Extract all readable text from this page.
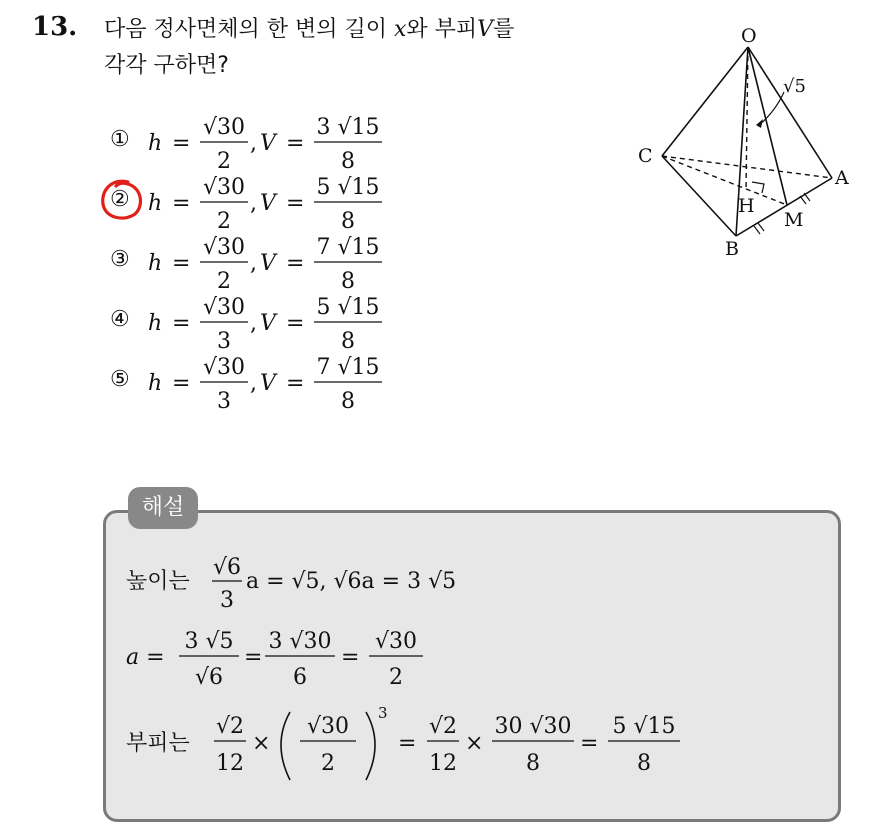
13. 다음 정사면체의 한 변의 길이 x와 부피V를
각각 구하면?
O
C
A
B
H
M
√5
① h =
√30
2
, V =
3 √15
8
② h =
√30
2
, V =
5 √15
8
③ h =
√30
2
, V =
7 √15
8
④ h =
√30
3
, V =
5 √15
8
⑤ h =
√30
3
, V =
7 √15
8
해설
높이는
√6
3
a = √5, √6a = 3 √5
a =
3 √5
√6
=
3 √30
6
=
√30
2
부피는
√2
12
×
√30
2
3
=
√2
12
×
30 √30
8
=
5 √15
8
